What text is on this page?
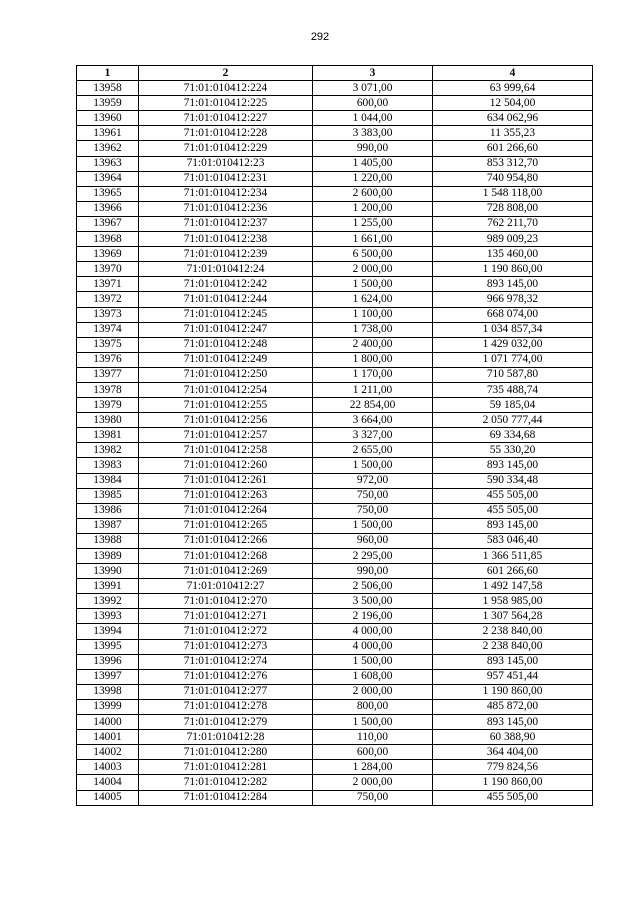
292
1	2	3	4
13958	71:01:010412:224	3 071,00	63 999,64
13959	71:01:010412:225	600,00	12 504,00
13960	71:01:010412:227	1 044,00	634 062,96
13961	71:01:010412:228	3 383,00	11 355,23
13962	71:01:010412:229	990,00	601 266,60
13963	71:01:010412:23	1 405,00	853 312,70
13964	71:01:010412:231	1 220,00	740 954,80
13965	71:01:010412:234	2 600,00	1 548 118,00
13966	71:01:010412:236	1 200,00	728 808,00
13967	71:01:010412:237	1 255,00	762 211,70
13968	71:01:010412:238	1 661,00	989 009,23
13969	71:01:010412:239	6 500,00	135 460,00
13970	71:01:010412:24	2 000,00	1 190 860,00
13971	71:01:010412:242	1 500,00	893 145,00
13972	71:01:010412:244	1 624,00	966 978,32
13973	71:01:010412:245	1 100,00	668 074,00
13974	71:01:010412:247	1 738,00	1 034 857,34
13975	71:01:010412:248	2 400,00	1 429 032,00
13976	71:01:010412:249	1 800,00	1 071 774,00
13977	71:01:010412:250	1 170,00	710 587,80
13978	71:01:010412:254	1 211,00	735 488,74
13979	71:01:010412:255	22 854,00	59 185,04
13980	71:01:010412:256	3 664,00	2 050 777,44
13981	71:01:010412:257	3 327,00	69 334,68
13982	71:01:010412:258	2 655,00	55 330,20
13983	71:01:010412:260	1 500,00	893 145,00
13984	71:01:010412:261	972,00	590 334,48
13985	71:01:010412:263	750,00	455 505,00
13986	71:01:010412:264	750,00	455 505,00
13987	71:01:010412:265	1 500,00	893 145,00
13988	71:01:010412:266	960,00	583 046,40
13989	71:01:010412:268	2 295,00	1 366 511,85
13990	71:01:010412:269	990,00	601 266,60
13991	71:01:010412:27	2 506,00	1 492 147,58
13992	71:01:010412:270	3 500,00	1 958 985,00
13993	71:01:010412:271	2 196,00	1 307 564,28
13994	71:01:010412:272	4 000,00	2 238 840,00
13995	71:01:010412:273	4 000,00	2 238 840,00
13996	71:01:010412:274	1 500,00	893 145,00
13997	71:01:010412:276	1 608,00	957 451,44
13998	71:01:010412:277	2 000,00	1 190 860,00
13999	71:01:010412:278	800,00	485 872,00
14000	71:01:010412:279	1 500,00	893 145,00
14001	71:01:010412:28	110,00	60 388,90
14002	71:01:010412:280	600,00	364 404,00
14003	71:01:010412:281	1 284,00	779 824,56
14004	71:01:010412:282	2 000,00	1 190 860,00
14005	71:01:010412:284	750,00	455 505,00
